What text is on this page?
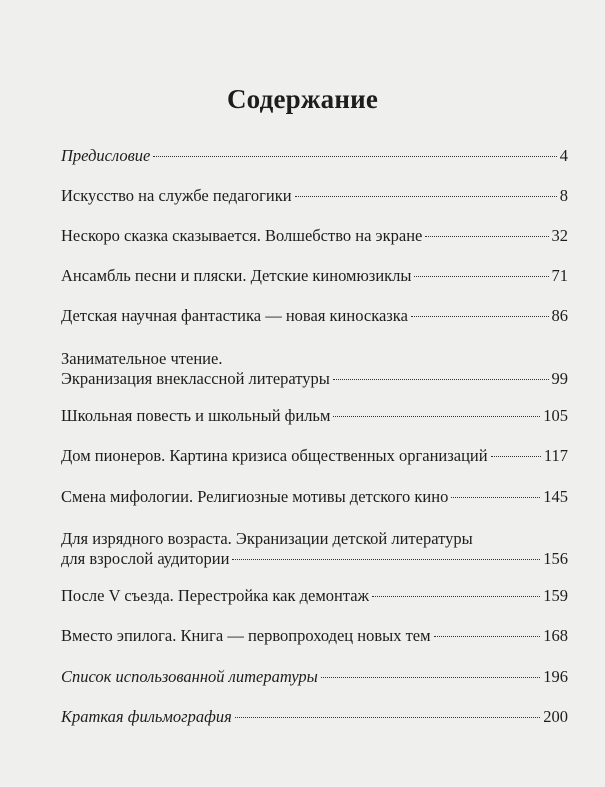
Содержание
Предисловие	4
Искусство на службе педагогики	8
Нескоро сказка сказывается. Волшебство на экране	32
Ансамбль песни и пляски. Детские киномюзиклы	71
Детская научная фантастика — новая киносказка	86
Занимательное чтение.
Экранизация внеклассной литературы	99
Школьная повесть и школьный фильм	105
Дом пионеров. Картина кризиса общественных организаций	117
Смена мифологии. Религиозные мотивы детского кино	145
Для изрядного возраста. Экранизации детской литературы
для взрослой аудитории	156
После V съезда. Перестройка как демонтаж	159
Вместо эпилога. Книга — первопроходец новых тем	168
Список использованной литературы	196
Краткая фильмография	200
